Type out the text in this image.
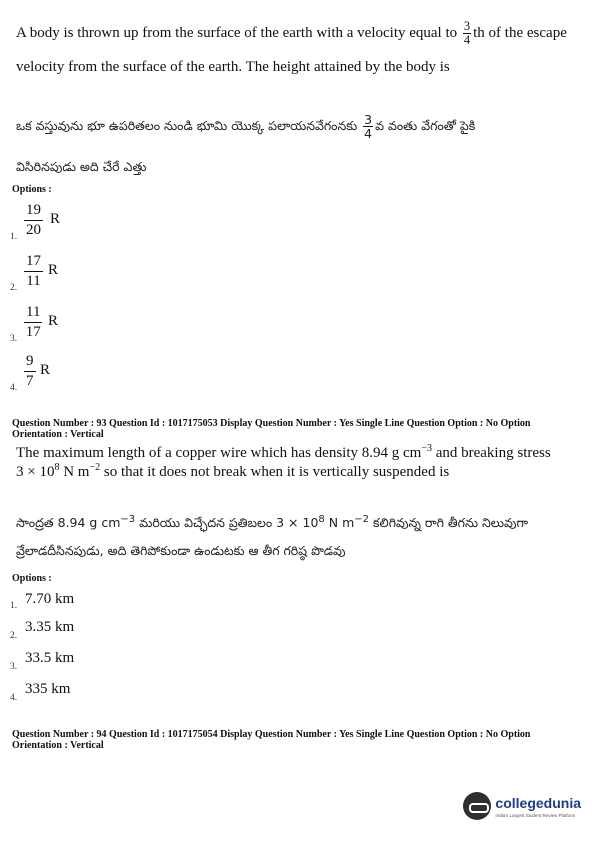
A body is thrown up from the surface of the earth with a velocity equal to $\frac{3}{4}$ th of the escape
velocity from the surface of the earth. The height attained by the body is
ఒక వస్తువును భూ ఉపరితలం నుండి భూమి యొక్క పలాయనవేగంనకు $\frac{3}{4}$ వ వంతు వేగంతో పైకి
విసిరినపుడు అది చేరే ఎత్తు
Options :
1.
19
20
R
2.
17
11
R
3.
11
17
R
4.
9
7
R
Question Number : 93 Question Id : 1017175053 Display Question Number : Yes Single Line Question Option : No Option
Orientation : Vertical
The maximum length of a copper wire which has density 8.94 g $cm^{-3}$ and breaking stress
$3 \times 10^8$ N $m^{-2}$ so that it does not break when it is vertically suspended is
సాంద్రత 8.94 g $cm^{-3}$ మరియు విచ్ఛేదన ప్రతిబలం $3 \times 10^8$ N $m^{-2}$ కలిగివున్న రాగి తీగను నిలువుగా
వ్రేలాడదీసినపుడు, అది తెగిపోకుండా ఉండుటకు ఆ తీగ గరిష్ఠ పొడవు
Options :
1. 7.70 km
2.
3.35 km
3.
33.5 km
4.
335 km
Question Number : 94 Question Id : 1017175054 Display Question Number : Yes Single Line Question Option : No Option
Orientation : Vertical
collegedunia
India's Largest Student Review Platform
